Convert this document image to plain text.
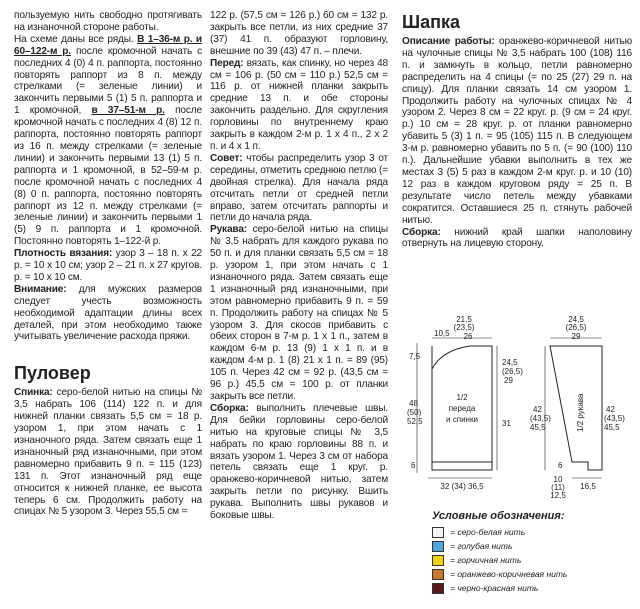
пользуемую нить свободно протягивать на изнаночной стороне работы.

На схеме даны все ряды. В 1–36-м р. и 60–122-м р. после кромочной начать с последних 4 (0) 4 п. раппорта, постоянно повторять раппорт из 8 п. между стрелками (= зеленые линии) и закончить первыми 5 (1) 5 п. раппорта и 1 кромочной, в 37–51-м р. после кромочной начать с последних 4 (8) 12 п. раппорта, постоянно повторять раппорт из 16 п. между стрелками (= зеленые линии) и закончить первыми 13 (1) 5 п. раппорта и 1 кромочной, в 52–59-м р. после кромочной начать с последних 4 (8) 0 п. раппорта, постоянно повторять раппорт из 12 п. между стрелками (= зеленые линии) и закончить первыми 1 (5) 9 п. раппорта и 1 кромочной. Постоянно повторять 1–122-й р.

Плотность вязания: узор 3 – 18 п. х 22 р. = 10 х 10 см; узор 2 – 21 п. х 27 кругов. р. = 10 х 10 см.

Внимание: для мужских размеров следует учесть возможность необходимой адаптации длины всех деталей, при этом необходимо также учитывать увеличение расхода пряжи.

Пуловер

Спинка: серо-белой нитью на спицы № 3,5 набрать 106 (114) 122 п. и для нижней планки связать 5,5 см = 18 р. узором 1, при этом начать с 1 изнаночного ряда. Затем связать еще 1 изнаночный ряд изнаночными, при этом равномерно прибавить 9 п. = 115 (123) 131 п. Этот изнаночный ряд еще относится к нижней планке, ее высота теперь 6 см. Продолжить работу на спицах № 5 узором 3. Через 55,5 см =

122 р. (57,5 см = 126 р.) 60 см = 132 р. закрыть все петли, из них средние 37 (37) 41 п. образуют горловину, внешние по 39 (43) 47 п. – плечи.

Перед: вязать, как спинку, но через 48 см = 106 р. (50 см = 110 р.) 52,5 см = 116 р. от нижней планки закрыть средние 13 п. и обе стороны закончить раздельно. Для скругления горловины по внутреннему краю закрыть в каждом 2-м р. 1 х 4 п., 2 х 2 п. и 4 х 1 п.

Совет: чтобы распределить узор 3 от середины, отметить среднюю петлю (= двойная стрелка). Для начала ряда отсчитать петли от средней петли вправо, затем отсчитать раппорты и петли до начала ряда.

Рукава: серо-белой нитью на спицы № 3,5 набрать для каждого рукава по 50 п. и для планки связать 5,5 см = 18 р. узором 1, при этом начать с 1 изнаночного ряда. Затем связать еще 1 изнаночный ряд изнаночными, при этом равномерно прибавить 9 п. = 59 п. Продолжить работу на спицах № 5 узором 3. Для скосов прибавить с обеих сторон в 7-м р. 1 х 1 п., затем в каждом 6-м р. 13 (9) 1 х 1 п. и в каждом 4-м р. 1 (8) 21 х 1 п. = 89 (95) 105 п. Через 42 см = 92 р. (43,5 см = 96 р.) 45,5 см = 100 р. от планки закрыть все петли.

Сборка: выполнить плечевые швы. Для бейки горловины серо-белой нитью на круговые спицы № 3,5 набрать по краю горловины 88 п. и вязать узором 1. Через 3 см от набора петель связать еще 1 круг. р. оранжево-коричневой нитью, затем закрыть петли по рисунку. Вшить рукава. Выполнить швы рукавов и боковые швы.

Шапка

Описание работы: оранжево-коричневой нитью на чулочные спицы № 3,5 набрать 100 (108) 116 п. и замкнуть в кольцо, петли равномерно распределить на 4 спицы (= по 25 (27) 29 п. на спицу). Для планки связать 14 см узором 1. Продолжить работу на чулочных спицах № 4 узором 2. Через 8 см = 22 круг. р. (9 см = 24 круг. р.) 10 см = 28 круг. р. от планки равномерно убавить 5 (3) 1 п. = 95 (105) 115 п. В следующем 3-м р. равномерно убавить по 5 п. (= 90 (100) 110 п.). Дальнейшие убавки выполнить в тех же местах 3 (5) 5 раз в каждом 2-м круг. р. и 10 (10) 12 раз в каждом круговом ряду = 25 п. В результате число петель между убавками сократится. Оставшиеся 25 п. стянуть рабочей нитью.

Сборка: нижний край шапки наполовину отвернуть на лицевую сторону.

21,5
(23,5)
26
10,5
7,5
24,5
(26,5)
29
48
(50)
52,5	31
6
32 (34) 36,5
1/2
переда
и спинки
24,5
(26,5)
29
42
(43,5)
45,5
42
(43,5)
45,5
6
10
(11)
12,5
16,5
1/2 рукава
Условные обозначения:
= серо-белая нить
= голубая нить
= горчичная нить
= оранжево-коричневая нить
= черно-красная нить
